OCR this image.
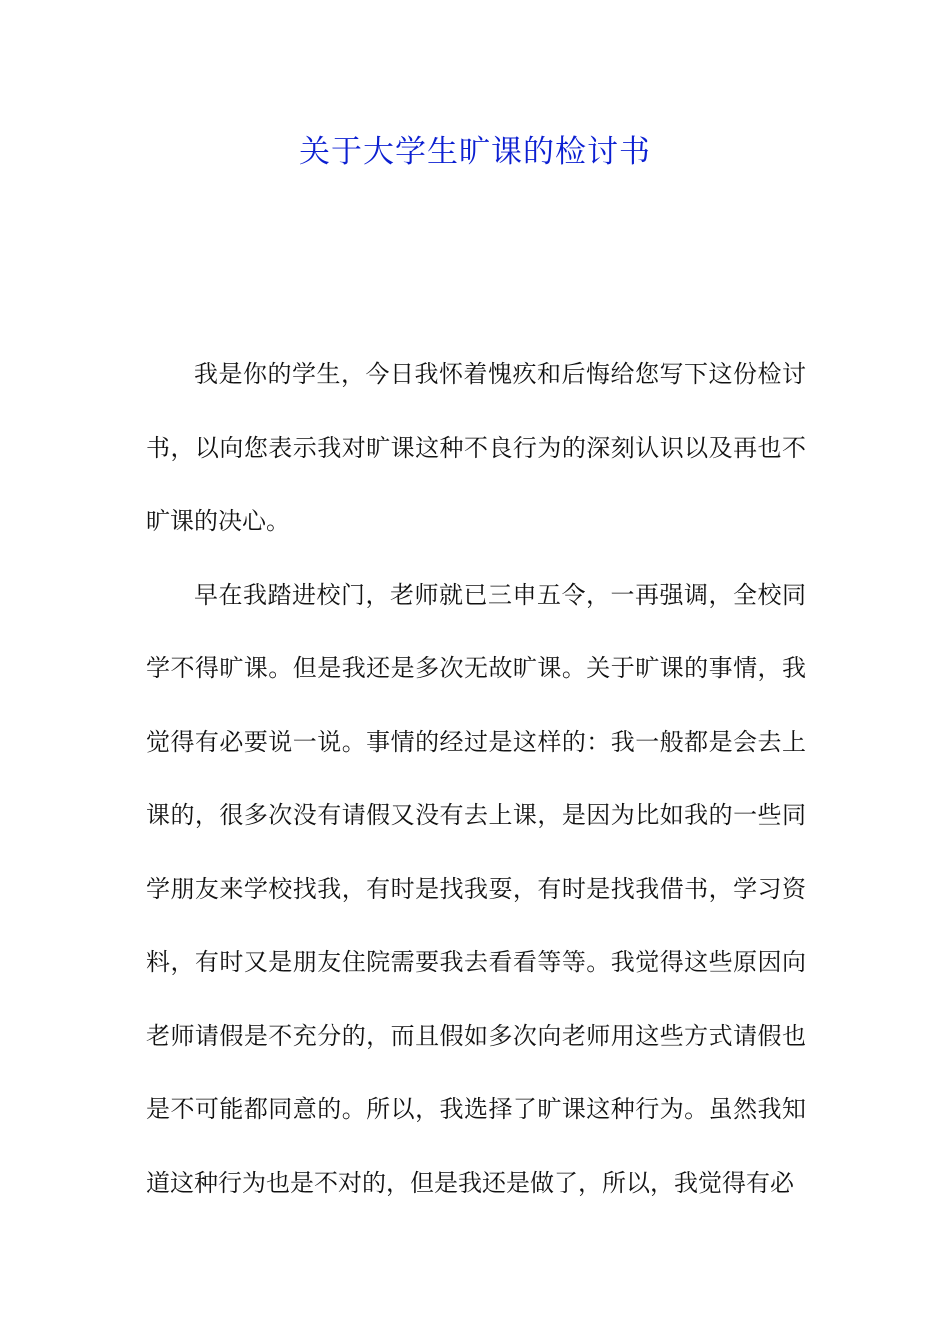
关于大学生旷课的检讨书

我是你的学生，今日我怀着愧疚和后悔给您写下这份检讨书，以向您表示我对旷课这种不良行为的深刻认识以及再也不旷课的决心。

早在我踏进校门，老师就已三申五令，一再强调，全校同学不得旷课。但是我还是多次无故旷课。关于旷课的事情，我觉得有必要说一说。事情的经过是这样的：我一般都是会去上课的，很多次没有请假又没有去上课，是因为比如我的一些同学朋友来学校找我，有时是找我耍，有时是找我借书，学习资料，有时又是朋友住院需要我去看看等等。我觉得这些原因向老师请假是不充分的，而且假如多次向老师用这些方式请假也是不可能都同意的。所以，我选择了旷课这种行为。虽然我知道这种行为也是不对的，但是我还是做了，所以，我觉得有必
